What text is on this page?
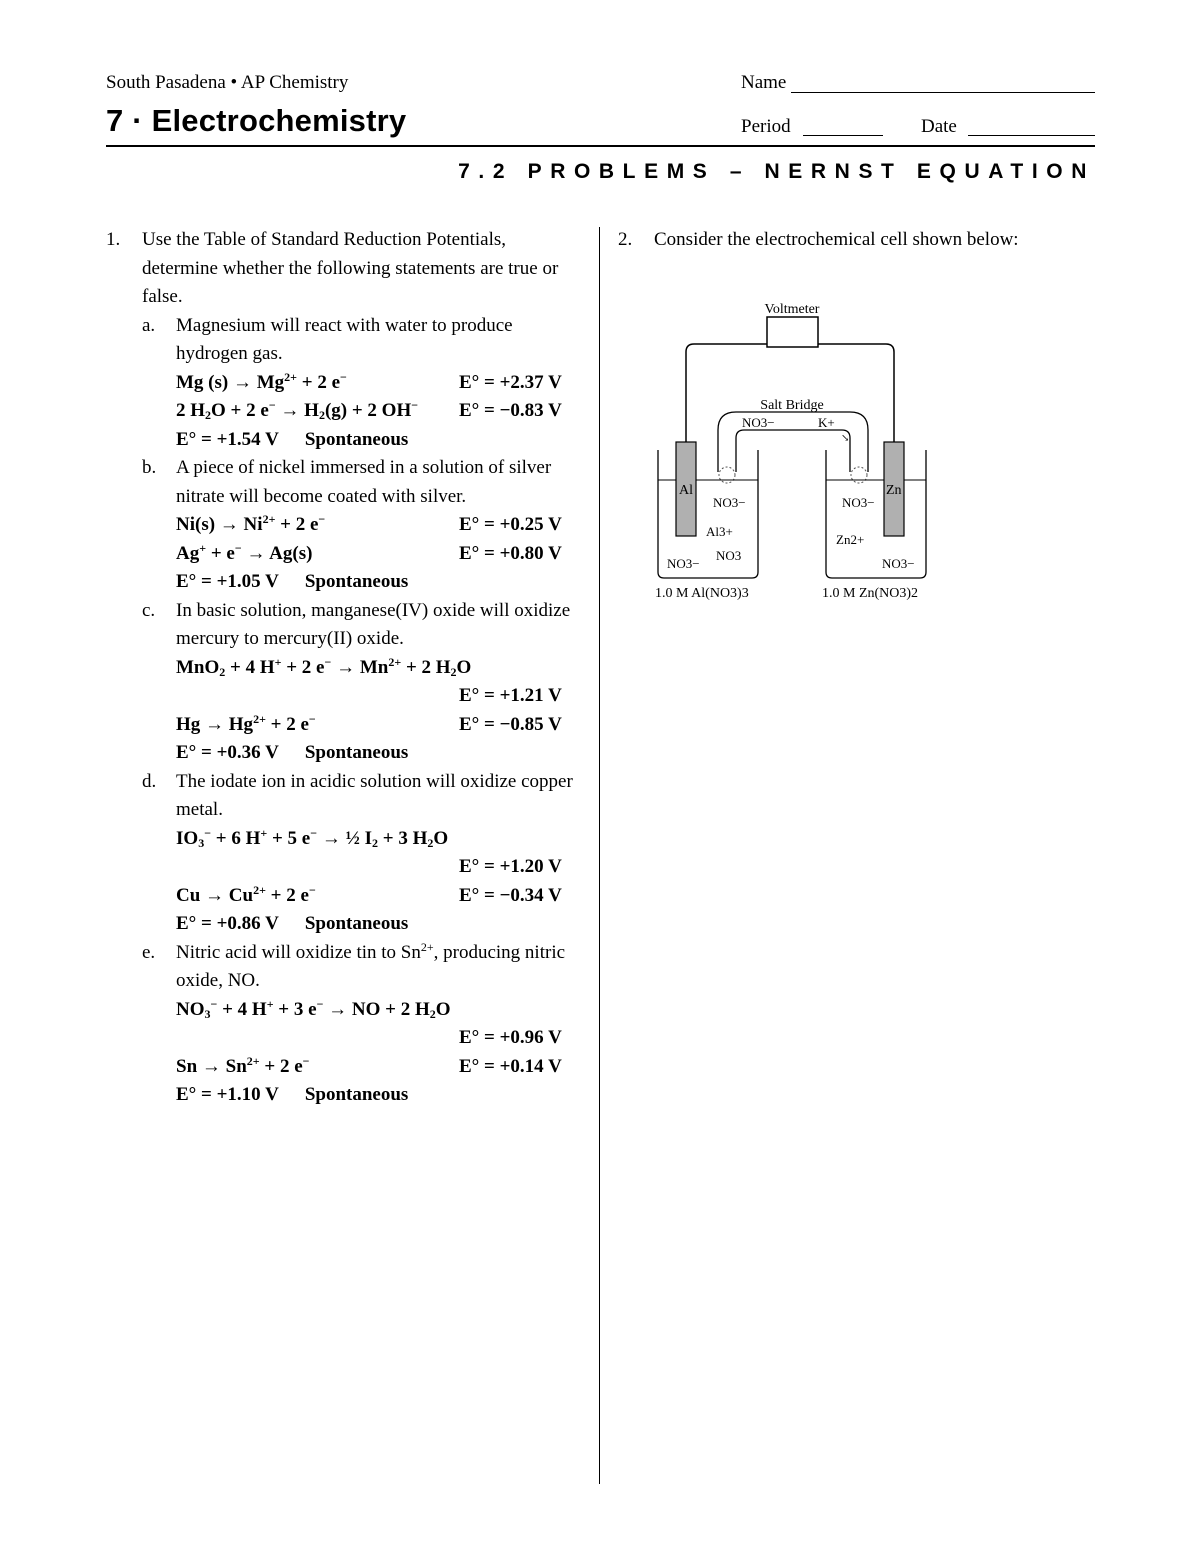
South Pasadena • AP Chemistry	Name
7 · Electrochemistry	Period	Date
7.2 PROBLEMS – NERNST EQUATION
1. Use the Table of Standard Reduction Potentials, determine whether the following statements are true or false.

a. Magnesium will react with water to produce hydrogen gas.

Mg $(s) \to Mg^{2+} + 2$ e−	E° = +2.37 V
2 $H_2O + 2$ $e^- \to H_2(g) + 2$ OH− E° = −0.83 V
E° = +1.54 V Spontaneous
b. A piece of nickel immersed in a solution of silver nitrate will become coated with silver.

$Ni(s) \to Ni^{2+} + 2$ e−	E° = +0.25 V
Ag+ + e− → Ag(s)	E° = +0.80 V
E° = +1.05 V Spontaneous
c. In basic solution, manganese(IV) oxide will oxidize mercury to mercury(II) oxide.

MnO$_2$ + 4 H+ + 2 $e^- \to Mn^{2+} + 2$ $H_2O$
E° = +1.21 V
$Hg \to Hg^{2+} + 2$ e−	E° = −0.85 V
E° = +0.36 V Spontaneous
d. The iodate ion in acidic solution will oxidize copper metal.

$IO_3^- + 6$ H+ + 5 e− → ½ $I_2 + 3$ $H_2O$
E° = +1.20 V
$Cu \to Cu^{2+} + 2$ e−	E° = −0.34 V
E° = +0.86 V Spontaneous
e. Nitric acid will oxidize tin to $Sn^{2+}$, producing nitric oxide, NO.

$NO_3^- + 4$ H+ + 3 e− → NO + 2 $H_2O$
E° = +0.96 V
$Sn \to Sn^{2+} + 2$ e−	E° = +0.14 V
E° = +1.10 V Spontaneous
2. Consider the electrochemical cell shown below:
Voltmeter
Salt Bridge
NO3−	K+
↘
Al	Zn
NO3−
Al3+
NO3−
NO3
NO3−
Zn2+
NO3−
1.0 M Al(NO3)3	1.0 M Zn(NO3)2
